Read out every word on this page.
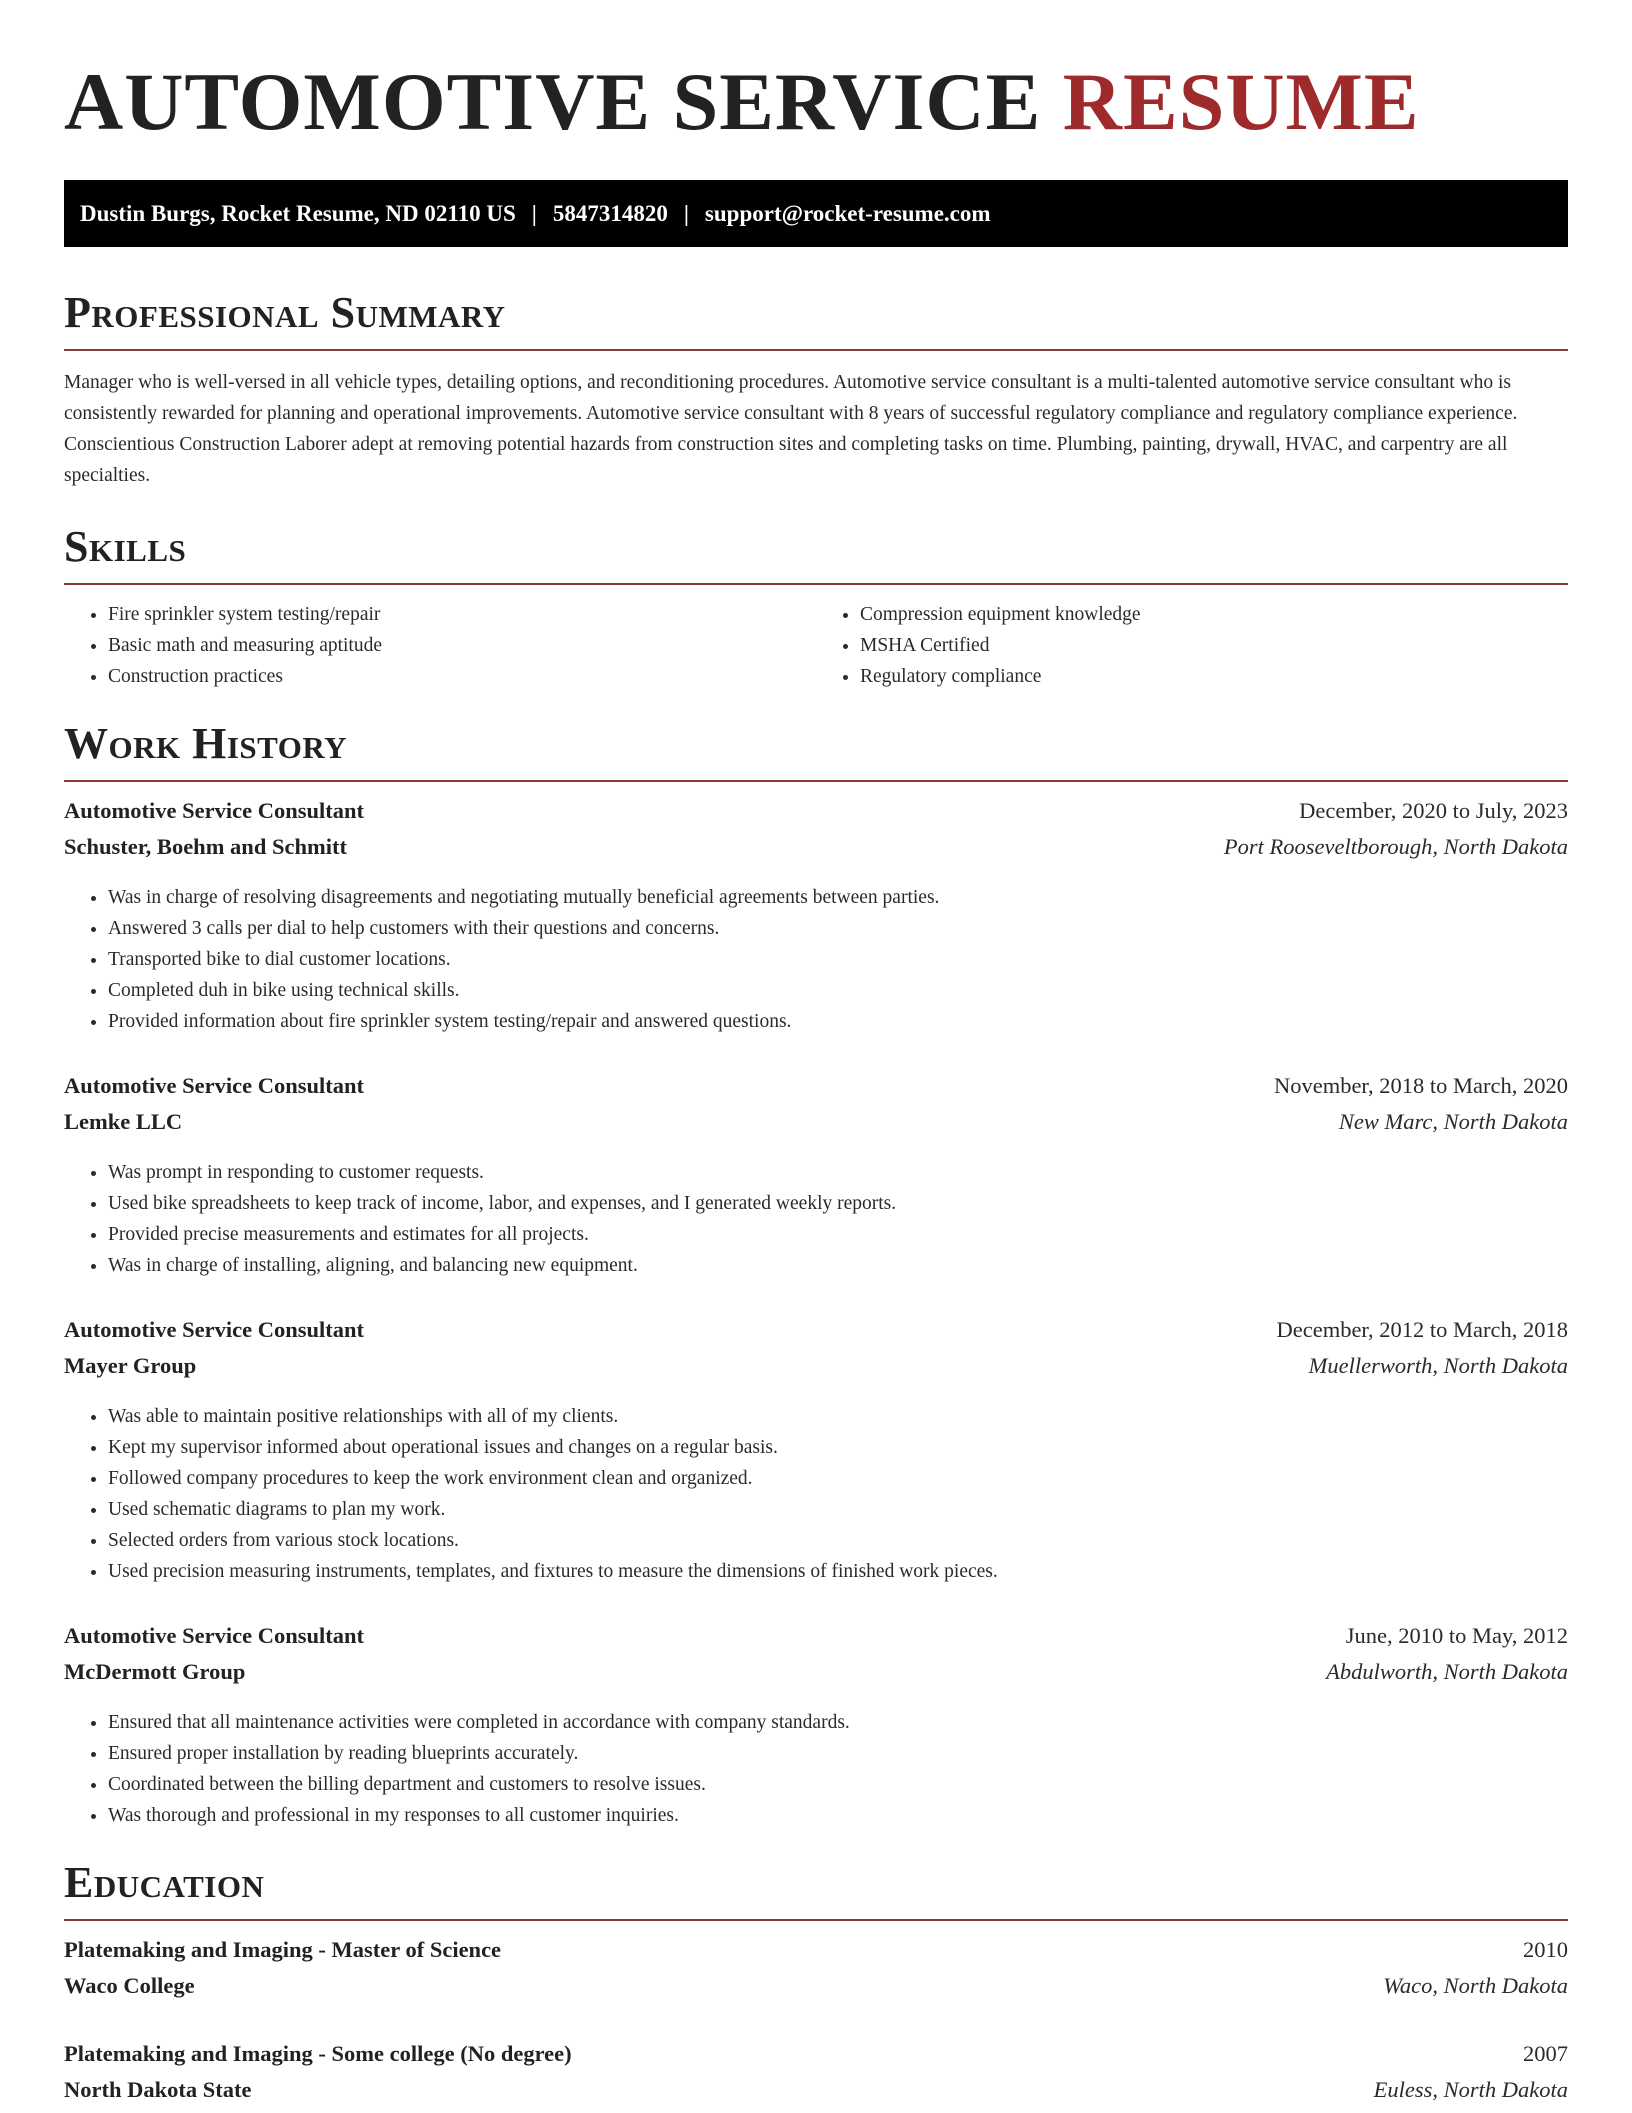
AUTOMOTIVE SERVICE RESUME
Dustin Burgs, Rocket Resume, ND 02110 US | 5847314820 | support@rocket-resume.com
Professional Summary

Manager who is well-versed in all vehicle types, detailing options, and reconditioning procedures. Automotive service consultant is a multi-talented automotive service consultant who is consistently rewarded for planning and operational improvements. Automotive service consultant with 8 years of successful regulatory compliance and regulatory compliance experience. Conscientious Construction Laborer adept at removing potential hazards from construction sites and completing tasks on time. Plumbing, painting, drywall, HVAC, and carpentry are all specialties.

Skills
• Fire sprinkler system testing/repair
• Basic math and measuring aptitude
• Construction practices
• Compression equipment knowledge
• MSHA Certified
• Regulatory compliance
Work History
Automotive Service Consultant	December, 2020 to July, 2023
Schuster, Boehm and Schmitt	Port Rooseveltborough, North Dakota
• Was in charge of resolving disagreements and negotiating mutually beneficial agreements between parties.
• Answered 3 calls per dial to help customers with their questions and concerns.
• Transported bike to dial customer locations.
• Completed duh in bike using technical skills.
• Provided information about fire sprinkler system testing/repair and answered questions.
Automotive Service Consultant	November, 2018 to March, 2020
Lemke LLC	New Marc, North Dakota
• Was prompt in responding to customer requests.
• Used bike spreadsheets to keep track of income, labor, and expenses, and I generated weekly reports.
• Provided precise measurements and estimates for all projects.
• Was in charge of installing, aligning, and balancing new equipment.
Automotive Service Consultant	December, 2012 to March, 2018
Mayer Group	Muellerworth, North Dakota
• Was able to maintain positive relationships with all of my clients.
• Kept my supervisor informed about operational issues and changes on a regular basis.
• Followed company procedures to keep the work environment clean and organized.
• Used schematic diagrams to plan my work.
• Selected orders from various stock locations.
• Used precision measuring instruments, templates, and fixtures to measure the dimensions of finished work pieces.
Automotive Service Consultant	June, 2010 to May, 2012
McDermott Group	Abdulworth, North Dakota
• Ensured that all maintenance activities were completed in accordance with company standards.
• Ensured proper installation by reading blueprints accurately.
• Coordinated between the billing department and customers to resolve issues.
• Was thorough and professional in my responses to all customer inquiries.
Education
Platemaking and Imaging - Master of Science	2010
Waco College	Waco, North Dakota
Platemaking and Imaging - Some college (No degree)	2007
North Dakota State	Euless, North Dakota
